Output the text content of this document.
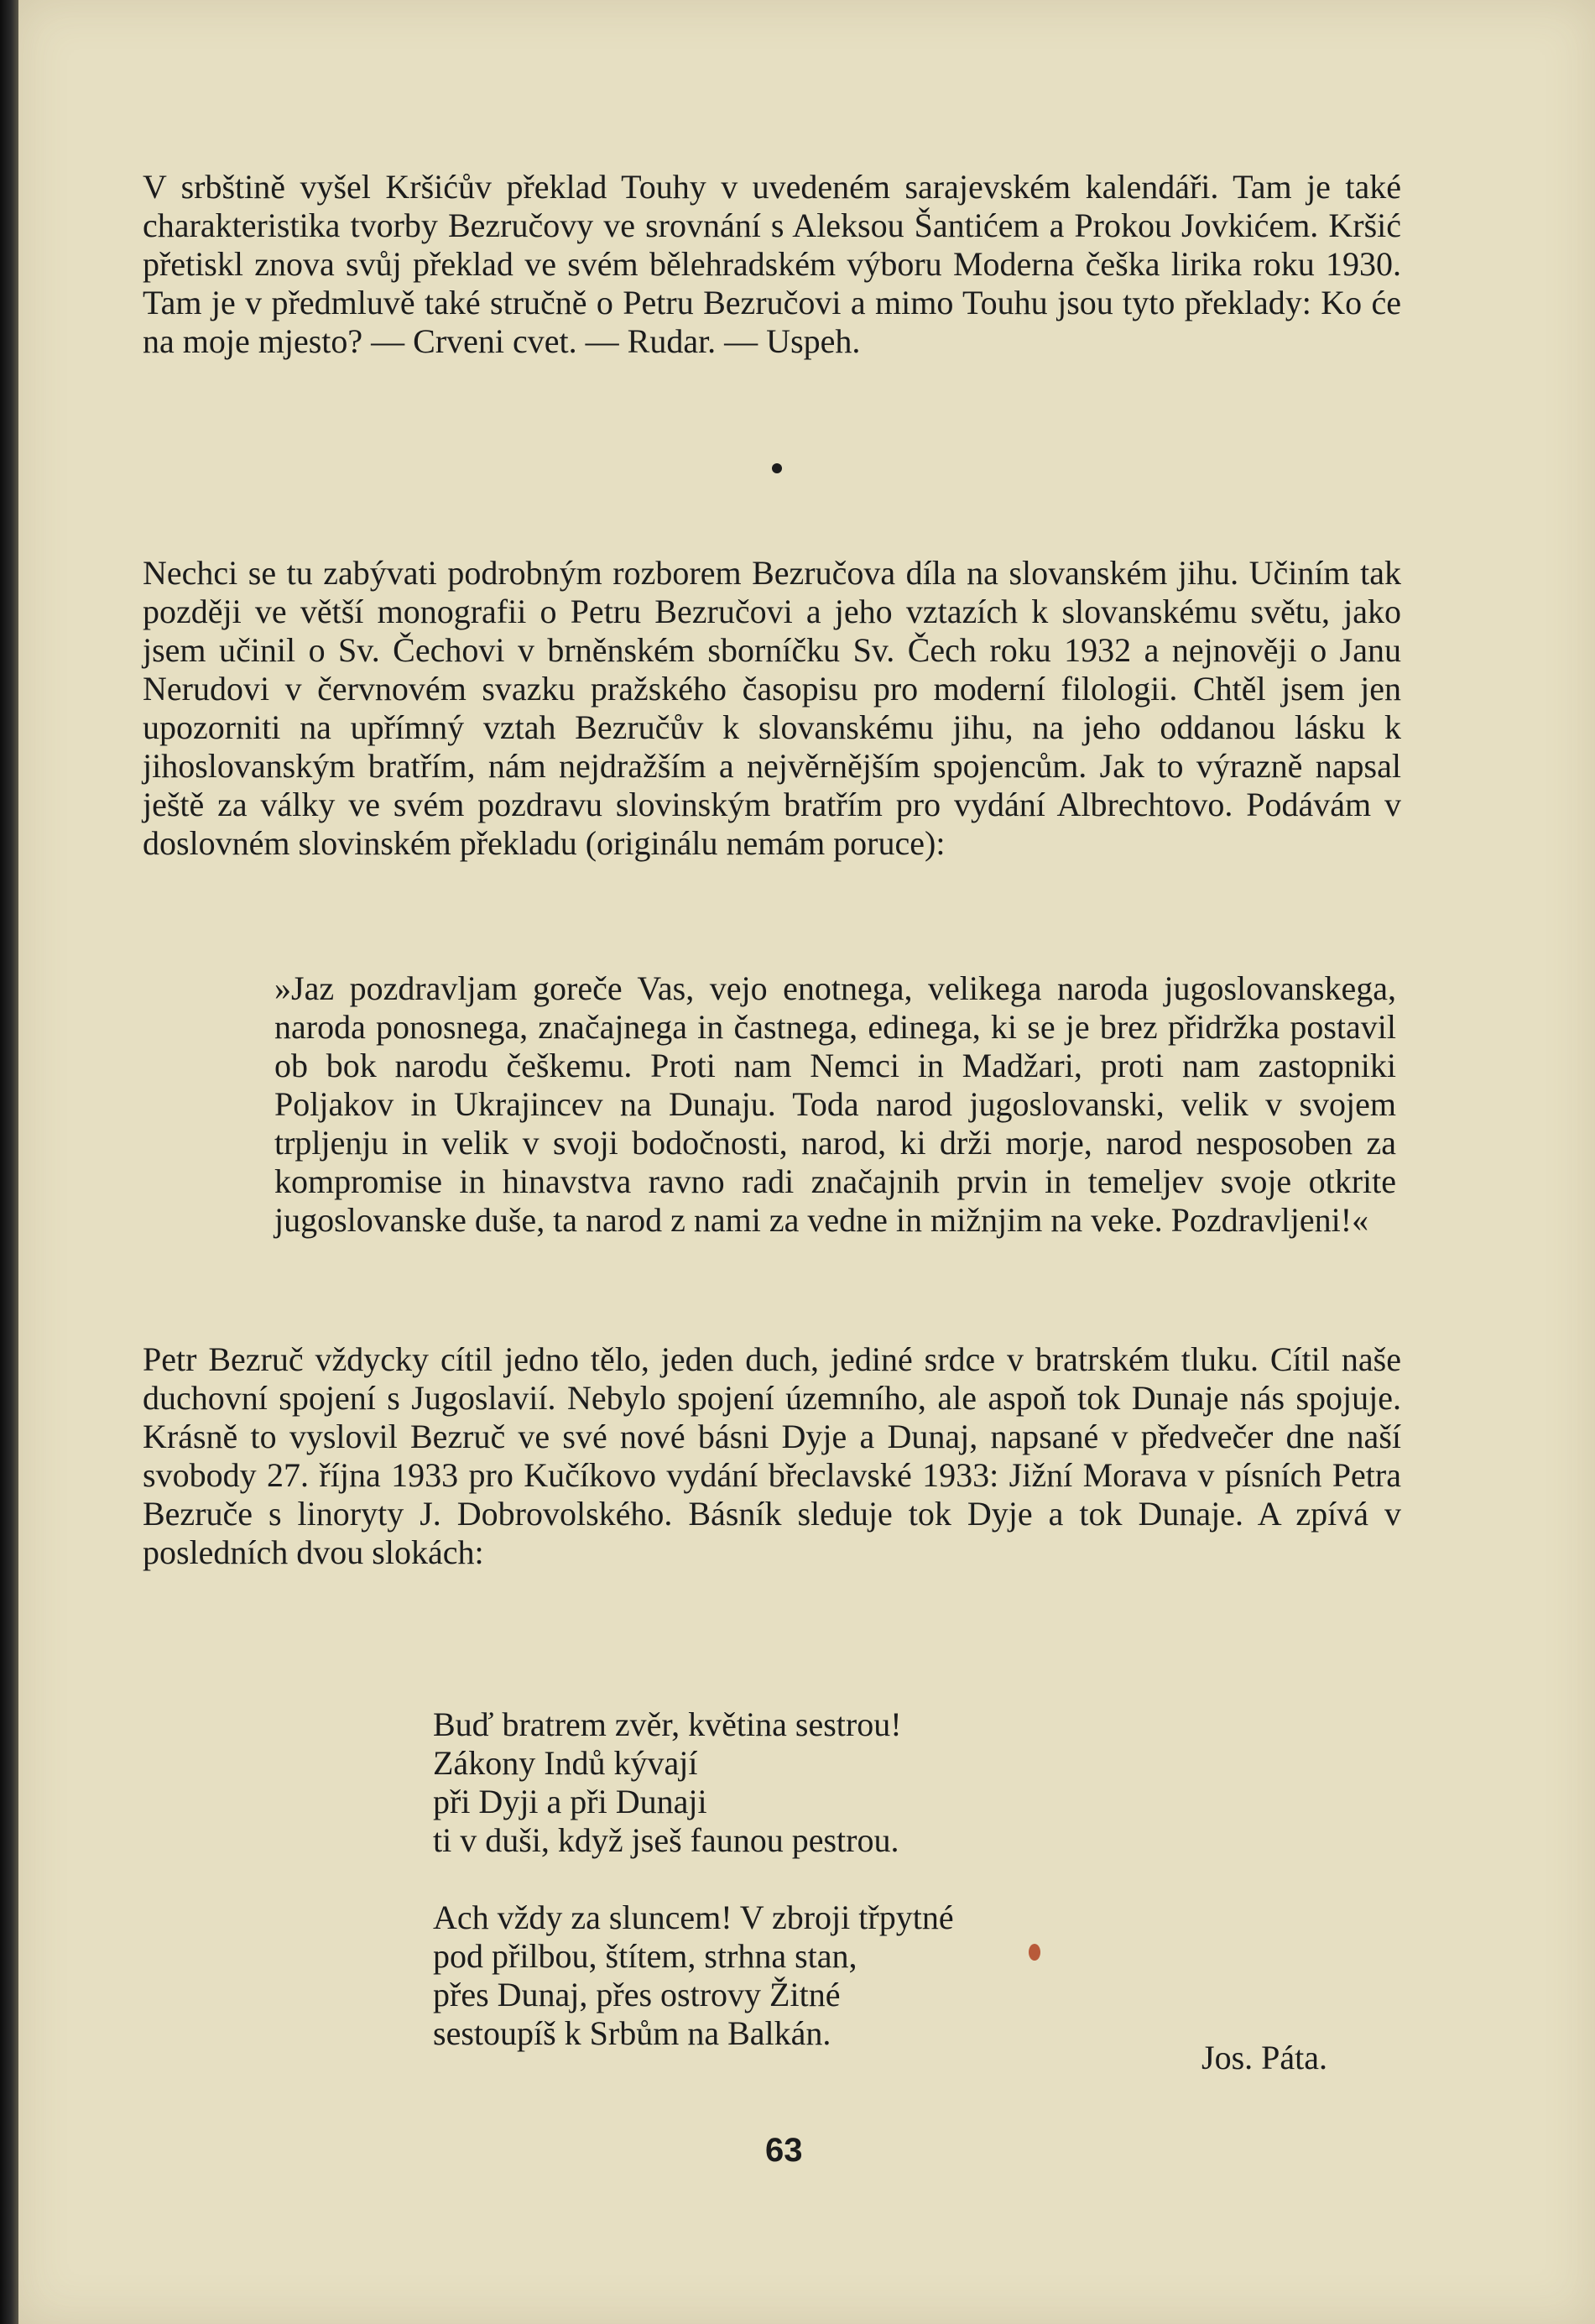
V srbštině vyšel Kršićův překlad Touhy v uvedeném sarajevském kalendáři. Tam je také charakteristika tvorby Bezručovy ve srovnání s Aleksou Šantićem a Prokou Jovkićem. Kršić přetiskl znova svůj překlad ve svém bělehradském výboru Moderna češka lirika roku 1930. Tam je v předmluvě také stručně o Petru Bezručovi a mimo Touhu jsou tyto překlady: Ko će na moje mjesto? — Crveni cvet. — Rudar. — Uspeh.

Nechci se tu zabývati podrobným rozborem Bezručova díla na slovanském jihu. Učiním tak později ve větší monografii o Petru Bezručovi a jeho vztazích k slovanskému světu, jako jsem učinil o Sv. Čechovi v brněnském sborníčku Sv. Čech roku 1932 a nejnověji o Janu Nerudovi v červnovém svazku pražského časopisu pro moderní filologii. Chtěl jsem jen upozorniti na upřímný vztah Bezručův k slovanskému jihu, na jeho oddanou lásku k jihoslovanským bratřím, nám nejdražším a nejvěrnějším spojencům. Jak to výrazně napsal ještě za války ve svém pozdravu slovinským bratřím pro vydání Albrechtovo. Podávám v doslovném slovinském překladu (originálu nemám poruce):

»Jaz pozdravljam goreče Vas, vejo enotnega, velikega naroda jugoslovanskega, naroda ponosnega, značajnega in častnega, edinega, ki se je brez přidržka postavil ob bok narodu češkemu. Proti nam Nemci in Madžari, proti nam zastopniki Poljakov in Ukrajincev na Dunaju. Toda narod jugoslovanski, velik v svojem trpljenju in velik v svoji bodočnosti, narod, ki drži morje, narod nesposoben za kompromise in hinavstva ravno radi značajnih prvin in temeljev svoje otkrite jugoslovanske duše, ta narod z nami za vedne in mižnjim na veke. Pozdravljeni!«

Petr Bezruč vždycky cítil jedno tělo, jeden duch, jediné srdce v bratrském tluku. Cítil naše duchovní spojení s Jugoslavií. Nebylo spojení územního, ale aspoň tok Dunaje nás spojuje. Krásně to vyslovil Bezruč ve své nové básni Dyje a Dunaj, napsané v předvečer dne naší svobody 27. října 1933 pro Kučíkovo vydání břeclavské 1933: Jižní Morava v písních Petra Bezruče s linoryty J. Dobrovolského. Básník sleduje tok Dyje a tok Dunaje. A zpívá v posledních dvou slokách:

Buď bratrem zvěr, květina sestrou!
Zákony Indů kývají
při Dyji a při Dunaji
ti v duši, když jseš faunou pestrou.
Ach vždy za sluncem! V zbroji třpytné
pod přilbou, štítem, strhna stan,
přes Dunaj, přes ostrovy Žitné
sestoupíš k Srbům na Balkán.
Jos. Páta.
63
